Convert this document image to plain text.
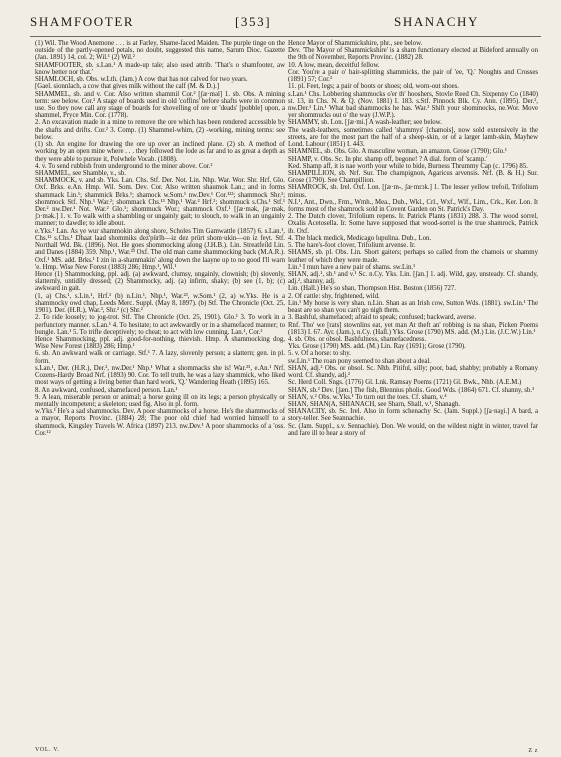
SHAMFOOTER	[353]	SHANACHY

(1) Wil. The Wood Anemone . . . is at Farley, Shame-faced Maiden. The purple tinge on the outside of the partly-opened petals, no doubt, suggested this name, Sarum Dioc. Gazette (Jan. 1891) 14, col. 2; Wil.¹ (2) Wil.²

SHAMFOOTER, sb. s.Lan.¹ A made-up tale; also used attrib. 'That's o shamfooter, aw know better nor that.'

SHAMLOCH, sb. Obs. w.Lth. (Jam.) A cow that has not calved for two years.

[Gael. sionnlach, a cow that gives milk without the calf (M. & D.).]

SHAMMEL, sb. and v. Cor. Also written shammil Cor.² [ʃæ·məl] 1. sb. Obs. A mining term: see below. Cor.² A stage of boards used in old 'coffins' before shafts were in common use. So they now call any stage of boards for shovelling of ore or 'deads' [pobble] upon, a shammel, Pryce Min. Cor. (1778).

2. An excavation made in a mine to remove the ore which has been rendered accessible by the shafts and drifts. Cor.² 3. Comp. (1) Shammel-whim, (2) -working, mining terms: see below.

(1) sb. An engine for drawing the ore up over an inclined plane. (2) sb. A method of working by an open mine where . . . they followed the lode as far and to as great a depth as they were able to pursue it, Polwhele Vocab. (1808).

4. v. To send rubbish from underground to the miner above. Cor.²

SHAMMEL, see Shamble, v., sb.

SHAMMOCK, v. and sb. Yks. Lan. Chs. Stf. Der. Not. Lin. Nhp. War. Wor. Shr. Hrf. Glo. Oxf. Brks. e.An. Hmp. Wil. Som. Dev. Cor. Also written shaumok Lan.; and in forms shammack Lin.¹; shammick Brks.¹; shamock w.Som.¹ nw.Dev.¹ Cor.¹²³; shammock Shr.²; shommock Stf. Nhp.¹ War.²; shommack Chs.¹³ Nhp.¹ War.² Hrf.²; shommuck s.Chs.¹ Stf.¹ Der.² nw.Der.¹ Not. War.² Glo.¹; shommuck Wor.; shammock Oxf.¹ [ʃæ·mək, ʃæ·mək, ʃɔ·mək.] 1. v. To walk with a shambling or ungainly gait; to slouch, to walk in an ungainly manner; to dawdle; to idle about.

e.Yks.¹ Lan. As ye wur shammokin along shore, Scholes Tim Gamwattle (1857) 6. s.Lan.¹, Chs.¹³ s.Chs.¹ Dhaat laad shommiks dez'pürlh—iz dez prürt shom·ukin—on iz feyt. Stf. Northall Wd. Bk. (1896). Not. He goes shommocking along (J.H.B.). Lin. Streatfeild Lin. and Danes (1884) 359. Nhp.¹, War.²³ Oxf. The old man came shammocking back (M.A.R.). Oxf.¹ MS. add. Brks.¹ I zin in a-shammakin' along down the laayne up to no good I'll warn 'e. Hmp. Wise New Forest (1883) 286; Hmp.¹, Wil.¹

Hence (1) Shammocking, ppl. adj. (a) awkward, clumsy, ungainly, clownish; (b) slovenly, slatternly, untidily dressed; (2) Shammocky, adj. (a) infirm, shaky; (b) see (1, b); (c) awkward in gait.

(1, a) Chs.¹, s.Lin.¹, Hrf.² (b) n.Lin.¹, Nhp.¹, War.²³, w.Som.¹ (2, a) w.Yks. He is a shammocky owd chap, Leeds Merc. Suppl. (May 8, 1897). (b) Stf. The Chronicle (Oct. 25, 1901). Der. (H.R.), War.³, Shr.² (c) Shr.²

2. To ride loosely; to jog-trot. Stf. The Chronicle (Oct. 25, 1901). Glo.¹ 3. To work in a perfunctory manner. s.Lan.¹ 4. To hesitate; to act awkwardly or in a shamefaced manner; to bungle. Lan.¹ 5. To trifle deceptively; to cheat; to act with low cunning. Lan.¹, Cor.²

Hence Shammocking, ppl. adj. good-for-nothing, thievish. Hmp. A shammocking dog, Wise New Forest (1883) 286; Hmp.¹

6. sb. An awkward walk or carriage. Stf.¹ 7. A lazy, slovenly person; a slattern; gen. in pl. form.

s.Lan.¹, Der. (H.R.), Der.², nw.Der.¹ Nhp.¹ What a shommacks she is! War.²³, e.An.¹ Nrf. Cozens-Hardy Broad Nrf. (1893) 90. Cor. To tell truth, he was a lazy shammick, who liked most ways of getting a living better than hard work, 'Q.' Wandering Heath (1895) 165.

8. An awkward, confused, shamefaced person. Lan.¹

9. A lean, miserable person or animal; a horse going ill on its legs; a person physically or mentally incompetent; a skeleton; used fig. Also in pl. form.

w.Yks.¹ He's a sad shammocks. Dev. A poor shammocks of a horse. He's the shammocks of a mayor, Reports Provinc. (1884) 28; The poor old chief had worried himself to a shammock, Kingsley Travels W. Africa (1897) 213. nw.Dev.¹ A poor shammocks of a 'oss. Cor.¹²

VOL. V.

Hence Mayor of Shammickshire, phr., see below.

Dev. 'The Mayor of Shammickshire' is a sham functionary elected at Bideford annually on the 9th of November, Reports Provinc. (1882) 28.

10. A low, mean, deceitful fellow.

Cor. You're a pair o' hair-splitting shammicks, the pair of 'ee, 'Q.' Noughts and Crosses (1891) 57; Cor.³

11. pl. Feet, legs; a pair of boots or shoes; old, worn-out shoes.

s.Lan.¹ Chs. Lobbering shammocks o'er th' hooshers, Stovle Reed Ch. Sixpenny Co (1840) st. 13, in Chs. N. & Q. (Nov. 1881) I. 183. s.Stf. Pinnock Blk. Cy. Ann. (1895). Der.², nw.Der.¹ Lin.¹ What bad shammocks he has. War.² Shift your shommocks, ne.Wor. Move yer shommucks out o' the way (J.W.P.).

SHAMMY, sb. Lon. [ʃæ·mi.] A wash-leather; see below.

The wash-leathers, sometimes called 'shammys' [chamois], now sold extensively in the streets, are for the most part the half of a sheep-skin, or of a larger lamb-skin, Mayhew Lond. Labour (1851) I. 443.

SHAMNEL, sb. Obs. Glo. A masculine woman, an amazon. Grose (1790); Glo.¹

SHAMP, v. Obs. Sc. In phr. shamp off, begone! ? A dial. form of 'scamp.'

Ked. Shamp aff, it is nae worth your while to bide, Burness Thrummy Cap (c. 1796) 85.

SHAMPILLION, sb. Nrf. Sur. The champignon, Agaricus arvensis. Nrf. (B. & H.) Sur. Grose (1790). See Champillion.

SHAMROCK, sb. Irel. Oxf. Lon. [ʃæ·m-, ʃæ·mrɔk.] 1. The lesser yellow trefoil, Trifolium minus.

N.I.¹, Ant., Dwn., Frm., Wmh., Mea., Dub., Wkl., Crl., Wxf., Wlf., Lim., Crk., Ker. Lon. It forms most of the shamrock sold in Covent Garden on St. Patrick's Day.

2. The Dutch clover, Trifolium repens. Ir. Patrick Plants (1831) 288. 3. The wood sorrel, Oxalis Acetosella. Ir. Some have supposed that wood-sorrel is the true shamrock, Patrick ib. Oxf.

4. The black medick, Medicago lupulina. Dub., Lon.

5. The hare's-foot clover, Trifolium arvense. Ir.

SHAMS, sb. pl. Obs. Lin. Short gaiters; perhaps so called from the chamois or shammy leather of which they were made.

Lin.¹ I mun have a new pair of shams. sw.Lin.¹

SHAN, adj.¹, sb.¹ and v.¹ Sc. n.Cy. Yks. Lin. [ʃan.] 1. adj. Wild, gay, unsteady. Cf. shandy, adj.², shanny, adj.

Lin. (Hall.) He's so shan, Thompson Hist. Boston (1856) 727.

2. Of cattle: shy, frightened, wild.

Lin.¹ My horse is very shan. n.Lin. Shan as an Irish cow, Sutton Wds. (1881). sw.Lin.¹ The beast are so shan you can't go nigh them.

3. Bashful, shamefaced; afraid to speak; confused; backward, averse.

Rnf. Tho' we [rats] stownlins eat, yet man At theft an' robbing is na shan, Picken Poems (1813) I. 67. Ayr. (Jam.), n.Cy. (Hall.) Yks. Grose (1790) MS. add. (M.) Lin. (J.C.W.) Lin.¹

4. sb. Obs. or obsol. Bashfulness, shamefacedness.

Yks. Grose (1790) MS. add. (M.) Lin. Ray (1691); Grose (1790).

5. v. Of a horse: to shy.

sw.Lin.¹ The roan pony seemed to shan about a deal.

SHAN, adj.² Obs. or obsol. Sc. Nhb. Pitiful, silly; poor, bad, shabby; probably a Romany word. Cf. shandy, adj.²

Sc. Herd Coll. Sngs. (1776) Gl. Lnk. Ramsay Poems (1721) Gl. Bwk., Nhb. (A.E.M.)

SHAN, sb.² Dev. [ʃæn.] The fish, Blennius pholis. Good Wds. (1864) 671. Cf. shanny, sb.³

SHAN, v.² Obs. w.Yks.¹ To turn out the toes. Cf. sham, v.⁴

SHAN, SHAN(A, SHIANACH, see Sharn, Shall, v.¹, Shanagh.

SHANACIIY, sb. Sc. Irel. Also in form schenachy Sc. (Jam. Suppl.) [ʃa·nəχi.] A bard, a story-teller. See Seannachie.

Sc. (Jam. Suppl., s.v. Sennachie). Don. We would, on the wildest night in winter, travel far and fare ill to hear a story of

Z z
